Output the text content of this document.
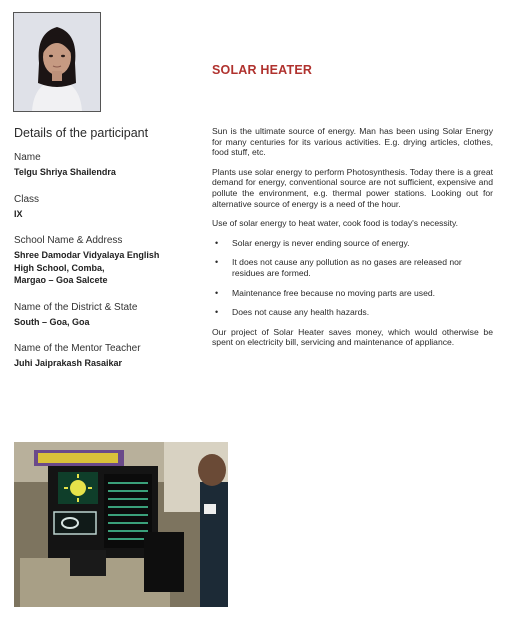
SOLAR HEATER
Details of the participant
Name
Telgu Shriya Shailendra
Class
IX
School Name & Address
Shree Damodar Vidyalaya English
High School, Comba,
Margao – Goa Salcete
Name of the District & State
South – Goa, Goa
Name of the Mentor Teacher
Juhi Jaiprakash Rasaikar

Sun is the ultimate source of energy. Man has been using Solar Energy for many centuries for its various activities. E.g. drying articles, clothes, food stuff, etc.

Plants use solar energy to perform Photosynthesis. Today there is a great demand for energy, conventional source are not sufficient, expensive and pollute the environment, e.g. thermal power stations. Looking out for alternative source of energy is a need of the hour.

Use of solar energy to heat water, cook food is today's necessity.

• Solar energy is never ending source of energy.
• It does not cause any pollution as no gases are released nor residues are formed.
• Maintenance free because no moving parts are used.
• Does not cause any health hazards.

Our project of Solar Heater saves money, which would otherwise be spent on electricity bill, servicing and maintenance of appliance.
